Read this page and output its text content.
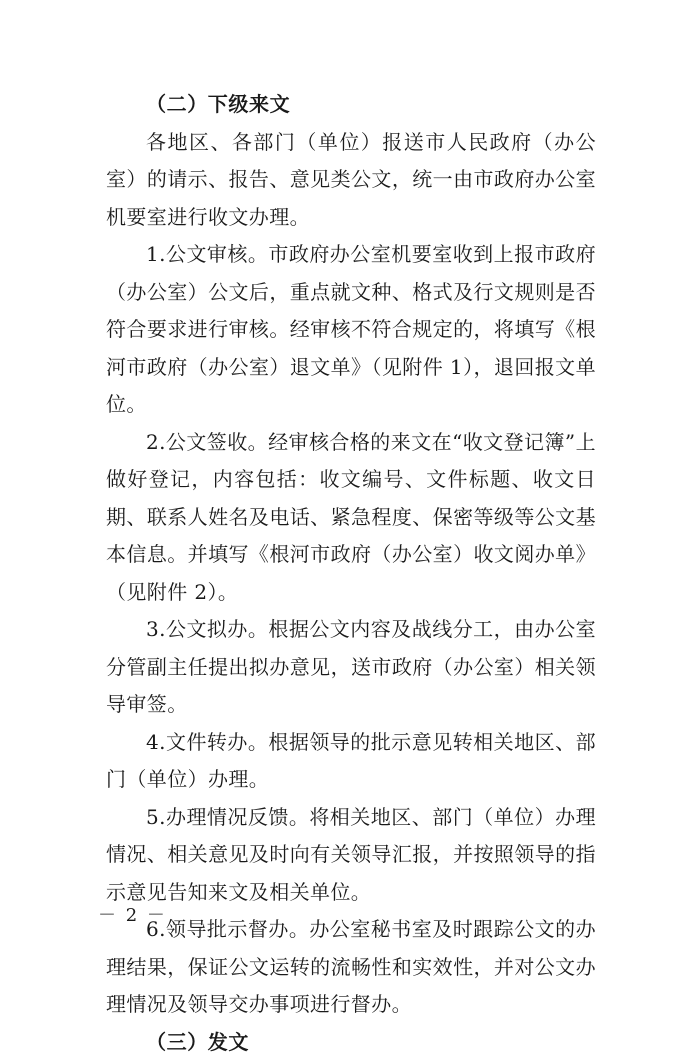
（二）下级来文

各地区、各部门（单位）报送市人民政府（办公室）的请示、报告、意见类公文，统一由市政府办公室机要室进行收文办理。

1.公文审核。市政府办公室机要室收到上报市政府（办公室）公文后，重点就文种、格式及行文规则是否符合要求进行审核。经审核不符合规定的，将填写《根河市政府（办公室）退文单》（见附件 1），退回报文单位。

2.公文签收。经审核合格的来文在“收文登记簿”上做好登记，内容包括：收文编号、文件标题、收文日期、联系人姓名及电话、紧急程度、保密等级等公文基本信息。并填写《根河市政府（办公室）收文阅办单》（见附件 2）。

3.公文拟办。根据公文内容及战线分工，由办公室分管副主任提出拟办意见，送市政府（办公室）相关领导审签。

4.文件转办。根据领导的批示意见转相关地区、部门（单位）办理。

5.办理情况反馈。将相关地区、部门（单位）办理情况、相关意见及时向有关领导汇报，并按照领导的指示意见告知来文及相关单位。

6.领导批示督办。办公室秘书室及时跟踪公文的办理结果，保证公文运转的流畅性和实效性，并对公文办理情况及领导交办事项进行督办。

（三）发文

－ 2 －
